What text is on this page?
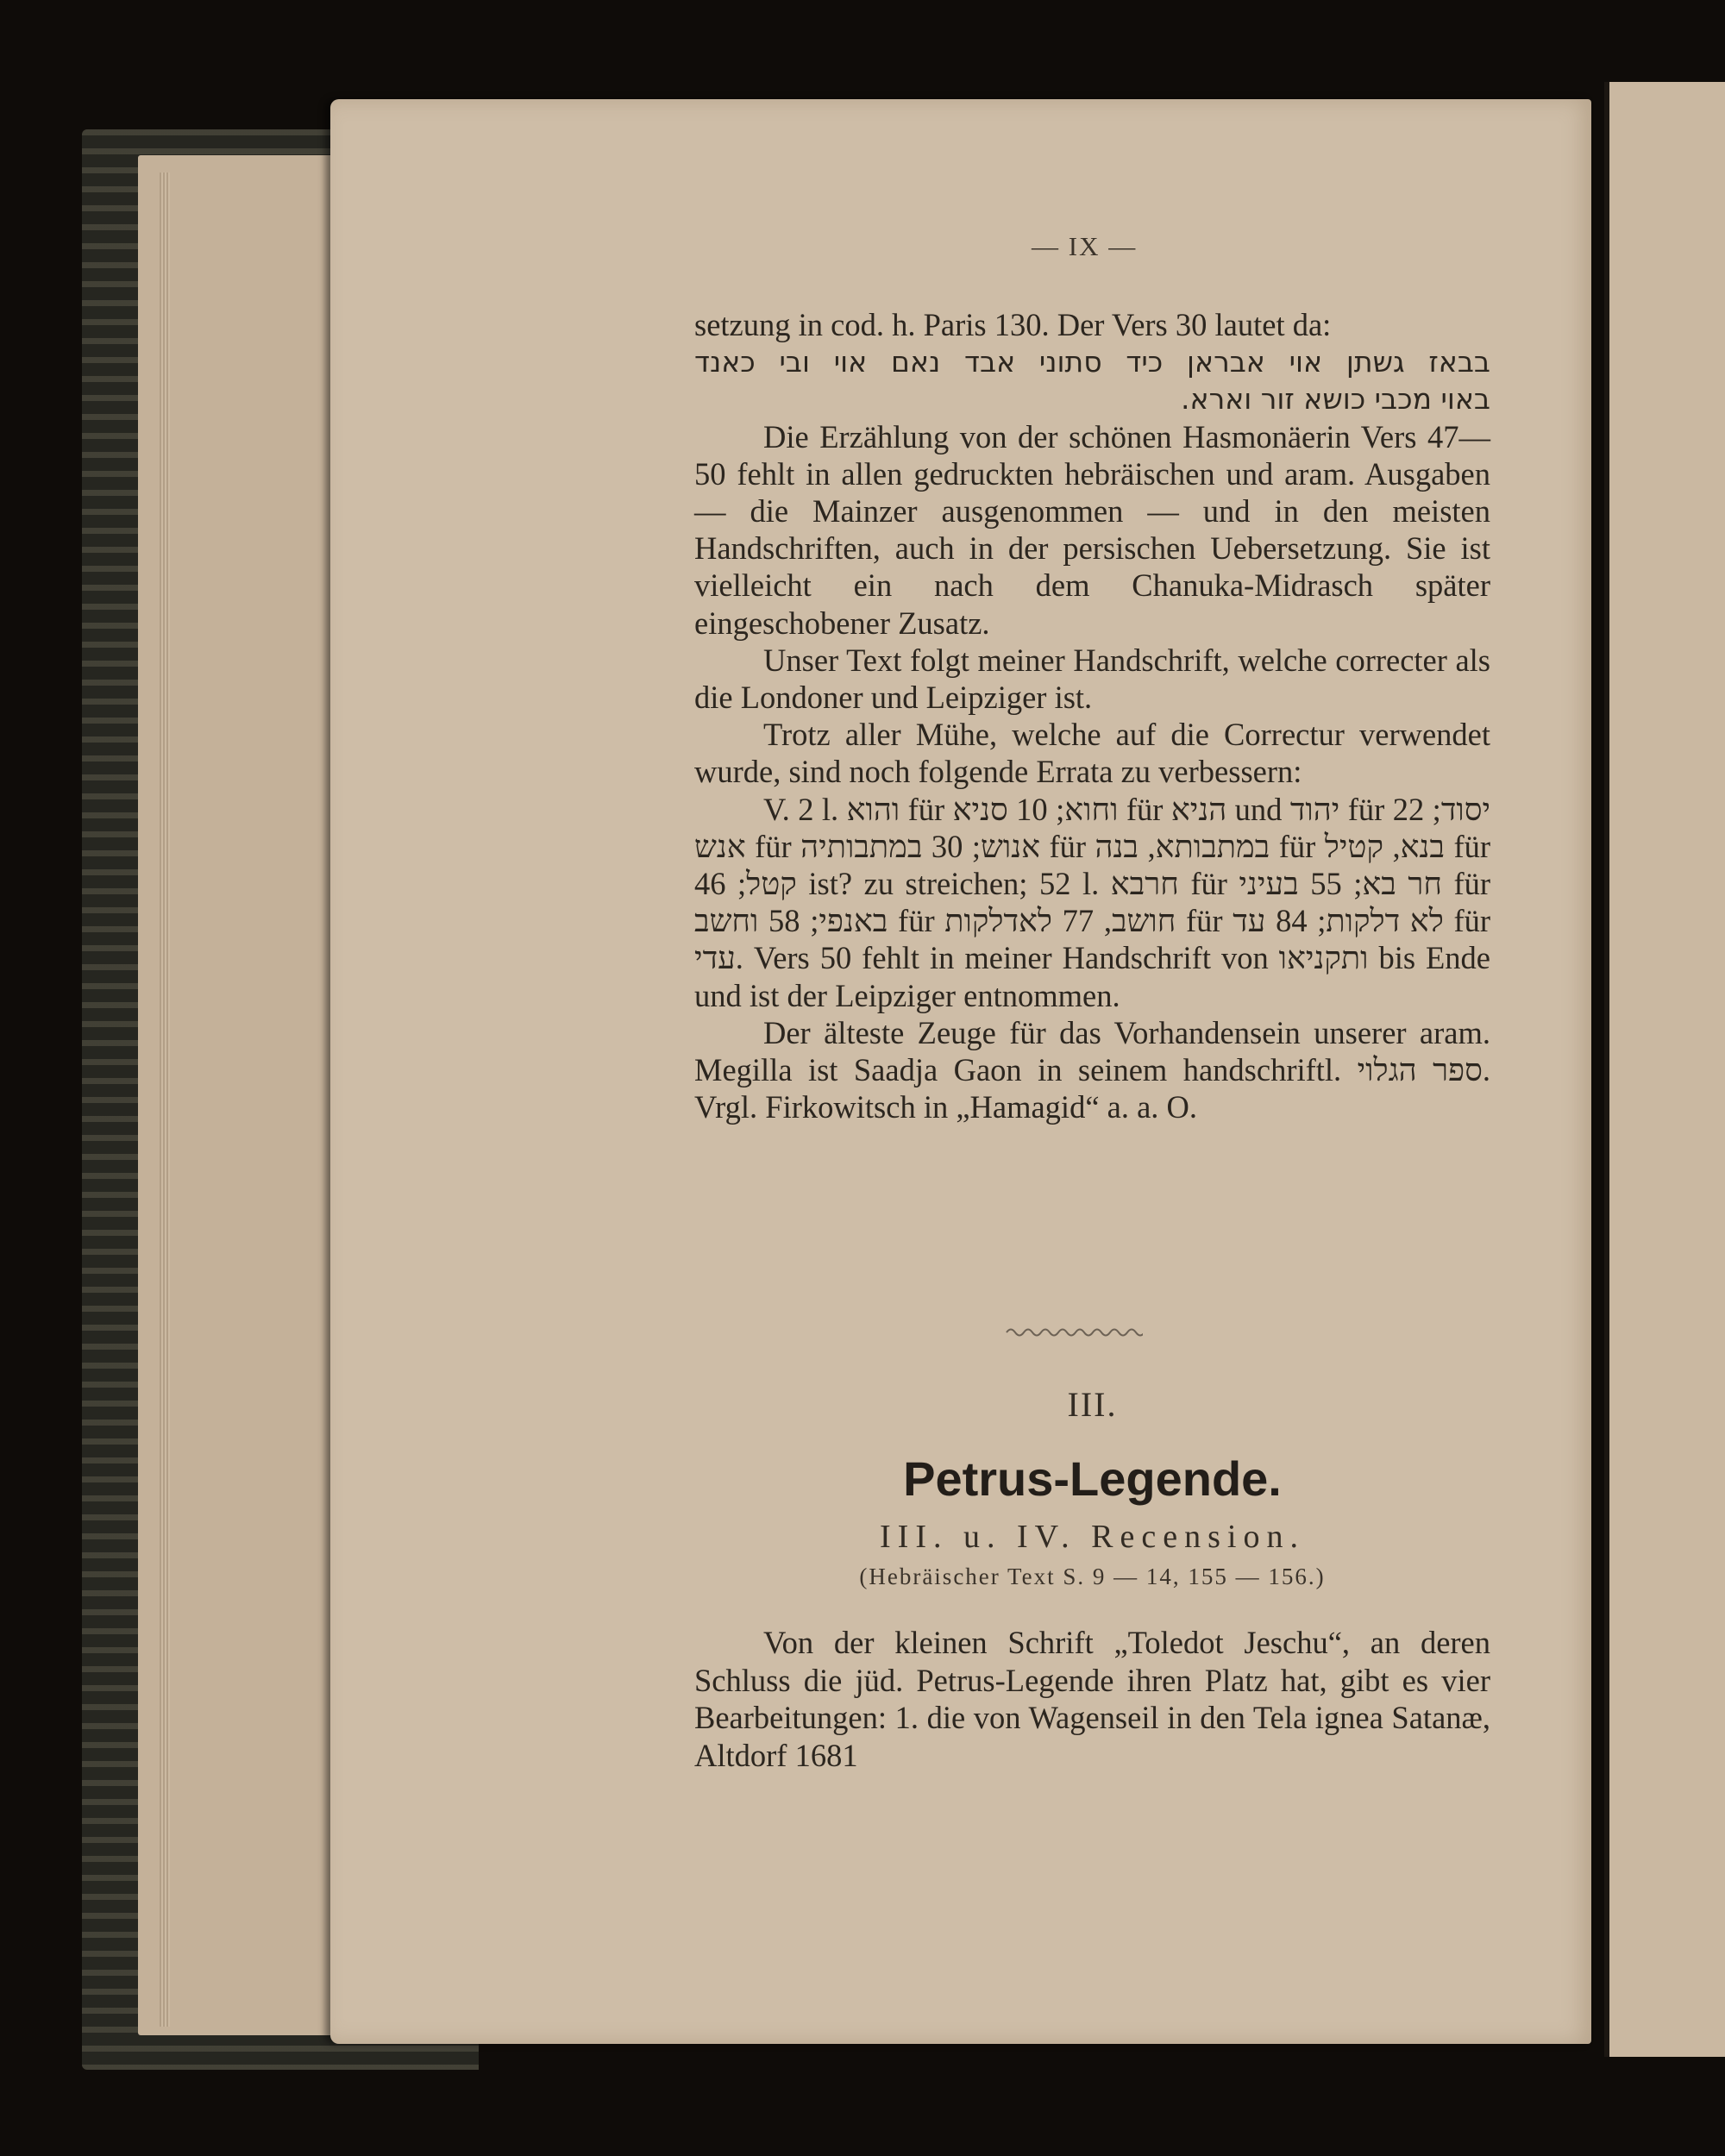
— IX —

setzung in cod. h. Paris 130. Der Vers 30 lautet da:

בבאז גשתן אוי אבראן כיד סתוני אבד נאם אוי ובי כאנד

באוי מכבי כושא זור וארא.

Die Erzählung von der schönen Hasmonäerin Vers 47—50 fehlt in allen gedruckten hebräischen und aram. Ausgaben — die Mainzer ausgenommen — und in den meisten Handschriften, auch in der persischen Uebersetzung. Sie ist vielleicht ein nach dem Chanuka-Midrasch später eingeschobener Zusatz.

Unser Text folgt meiner Handschrift, welche correcter als die Londoner und Leipziger ist.

Trotz aller Mühe, welche auf die Correctur verwendet wurde, sind noch folgende Errata zu verbessern:

V. 2 l. והוא für וחוא; 10 סניא für הניא und יהוד für יסוד; 22 אנש für אנוש; 30 במתבותיה für במתבותא, בנה für בנא, קטיל für קטל; 46 ist? zu streichen; 52 l. חרבא für חר בא; 55 בעיני für באנפי; 58 וחשב für חושב, 77 לאדלקות für לא דלקות; 84 עד für עדי. Vers 50 fehlt in meiner Handschrift von ותקניאו bis Ende und ist der Leipziger entnommen.

Der älteste Zeuge für das Vorhandensein unserer aram. Megilla ist Saadja Gaon in seinem handschriftl. ספר הגלוי. Vrgl. Firkowitsch in „Hamagid“ a. a. O.

III.
Petrus-Legende.
III. u. IV. Recension.
(Hebräischer Text S. 9 — 14, 155 — 156.)

Von der kleinen Schrift „Toledot Jeschu“, an deren Schluss die jüd. Petrus-Legende ihren Platz hat, gibt es vier Bearbeitungen: 1. die von Wagenseil in den Tela ignea Satanæ, Altdorf 1681
